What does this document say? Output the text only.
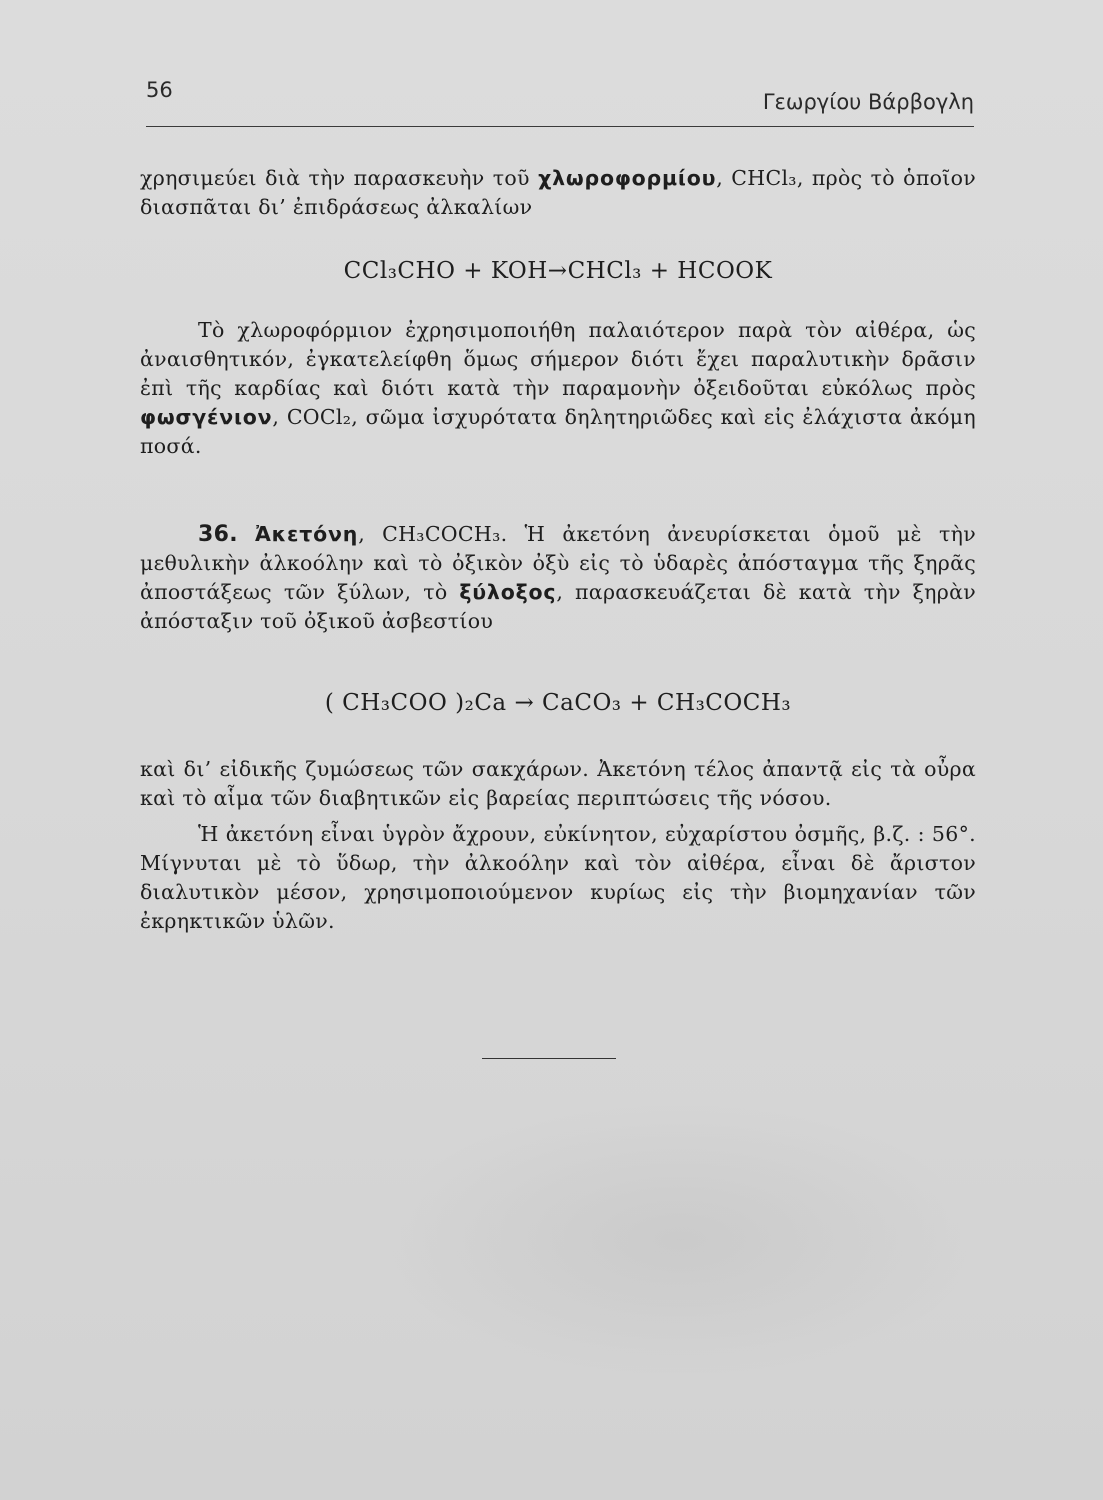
56	Γεωργίου Βάρβογλη
χρησιμεύει διὰ τὴν παρασκευὴν τοῦ χλωροφορμίου, CHCl₃, πρὸς τὸ ὁποῖον διασπᾶται δι’ ἐπιδράσεως ἀλκαλίων
CCl₃CHO + KOH→CHCl₃ + HCOOK
Τὸ χλωροφόρμιον ἐχρησιμοποιήθη παλαιότερον παρὰ τὸν αἰθέρα, ὡς ἀναισθητικόν, ἐγκατελείφθη ὅμως σήμερον διότι ἔχει παραλυτικὴν δρᾶσιν ἐπὶ τῆς καρδίας καὶ διότι κατὰ τὴν παραμονὴν ὀξειδοῦται εὐκόλως πρὸς φωσγένιον, COCl₂, σῶμα ἰσχυρότατα δηλητηριῶδες καὶ εἰς ἐλάχιστα ἀκόμη ποσά.
36. Ἀκετόνη, CH₃COCH₃. Ἡ ἀκετόνη ἀνευρίσκεται ὁμοῦ μὲ τὴν μεθυλικὴν ἀλκοόλην καὶ τὸ ὀξικὸν ὀξὺ εἰς τὸ ὑδαρὲς ἀπόσταγμα τῆς ξηρᾶς ἀποστάξεως τῶν ξύλων, τὸ ξύλοξος, παρασκευάζεται δὲ κατὰ τὴν ξηρὰν ἀπόσταξιν τοῦ ὀξικοῦ ἀσβεστίου
( CH₃COO )₂Ca → CaCO₃ + CH₃COCH₃
καὶ δι’ εἰδικῆς ζυμώσεως τῶν σακχάρων. Ἀκετόνη τέλος ἀπαντᾷ εἰς τὰ οὖρα καὶ τὸ αἷμα τῶν διαβητικῶν εἰς βαρείας περιπτώσεις τῆς νόσου.
Ἡ ἀκετόνη εἶναι ὑγρὸν ἄχρουν, εὐκίνητον, εὐχαρίστου ὀσμῆς, β.ζ. : 56°. Μίγνυται μὲ τὸ ὕδωρ, τὴν ἀλκοόλην καὶ τὸν αἰθέρα, εἶναι δὲ ἄριστον διαλυτικὸν μέσον, χρησιμοποιούμενον κυρίως εἰς τὴν βιομηχανίαν τῶν ἐκρηκτικῶν ὑλῶν.
